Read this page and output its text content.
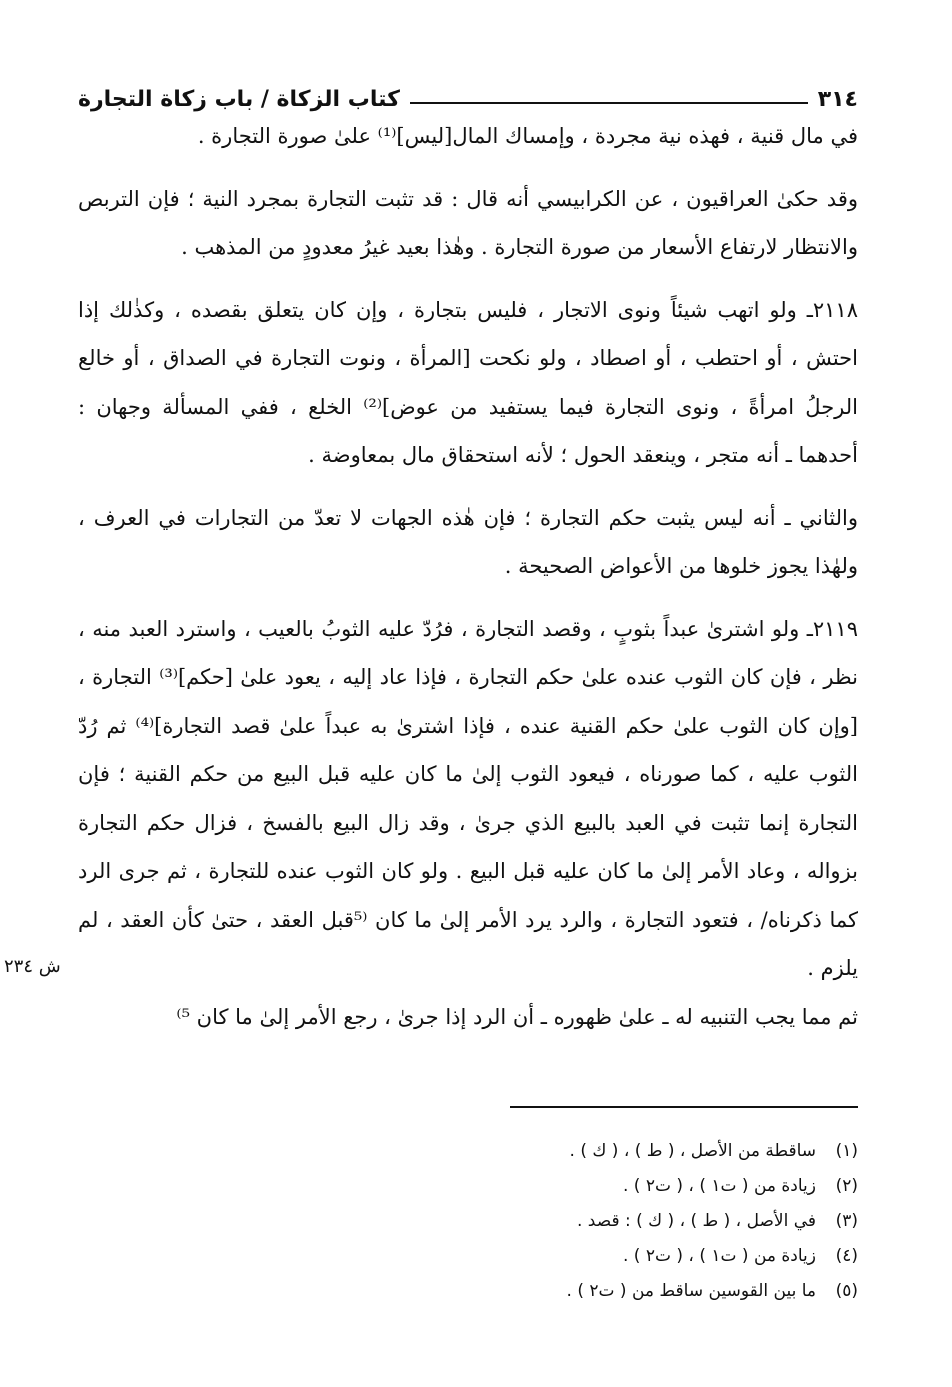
٣١٤
كتاب الزكاة / باب زكاة التجارة

في مال قنية ، فهذه نية مجردة ، وإمساك المال[ليس]⁽¹⁾ علىٰ صورة التجارة .

وقد حكىٰ العراقيون ، عن الكرابيسي أنه قال : قد تثبت التجارة بمجرد النية ؛ فإن التربص والانتظار لارتفاع الأسعار من صورة التجارة . وهٰذا بعيد غيرُ معدودٍ من المذهب .

٢١١٨ـ ولو اتهب شيئاً ونوى الاتجار ، فليس بتجارة ، وإن كان يتعلق بقصده ، وكذٰلك إذا احتش ، أو احتطب ، أو اصطاد ، ولو نكحت [المرأة ، ونوت التجارة في الصداق ، أو خالع الرجلُ امرأةً ، ونوى التجارة فيما يستفيد من عوض]⁽²⁾ الخلع ، ففي المسألة وجهان : أحدهما ـ أنه متجر ، وينعقد الحول ؛ لأنه استحقاق مال بمعاوضة .

والثاني ـ أنه ليس يثبت حكم التجارة ؛ فإن هٰذه الجهات لا تعدّ من التجارات في العرف ، ولهٰذا يجوز خلوها من الأعواض الصحيحة .

٢١١٩ـ ولو اشترىٰ عبداً بثوبٍ ، وقصد التجارة ، فرُدّ عليه الثوبُ بالعيب ، واسترد العبد منه ، نظر ، فإن كان الثوب عنده علىٰ حكم التجارة ، فإذا عاد إليه ، يعود علىٰ [حكم]⁽³⁾ التجارة ، [وإن كان الثوب علىٰ حكم القنية عنده ، فإذا اشترىٰ به عبداً علىٰ قصد التجارة]⁽⁴⁾ ثم رُدّ الثوب عليه ، كما صورناه ، فيعود الثوب إلىٰ ما كان عليه قبل البيع من حكم القنية ؛ فإن التجارة إنما تثبت في العبد بالبيع الذي جرىٰ ، وقد زال البيع بالفسخ ، فزال حكم التجارة بزواله ، وعاد الأمر إلىٰ ما كان عليه قبل البيع . ولو كان الثوب عنده للتجارة ، ثم جرى الرد كما ذكرناه/ ، فتعود التجارة ، والرد يرد الأمر إلىٰ ما كان ⁽⁵قبل العقد ، حتىٰ كأن العقد ، لم يلزم .

ثم مما يجب التنبيه له ـ علىٰ ظهوره ـ أن الرد إذا جرىٰ ، رجع الأمر إلىٰ ما كان ⁵⁾

ش ٢٣٤
(١)
ساقطة من الأصل ، ( ط ) ، ( ك ) .
(٢)
زيادة من ( ت١ ) ، ( ت٢ ) .
(٣)
في الأصل ، ( ط ) ، ( ك ) : قصد .
(٤)
زيادة من ( ت١ ) ، ( ت٢ ) .
(٥)
ما بين القوسين ساقط من ( ت٢ ) .
